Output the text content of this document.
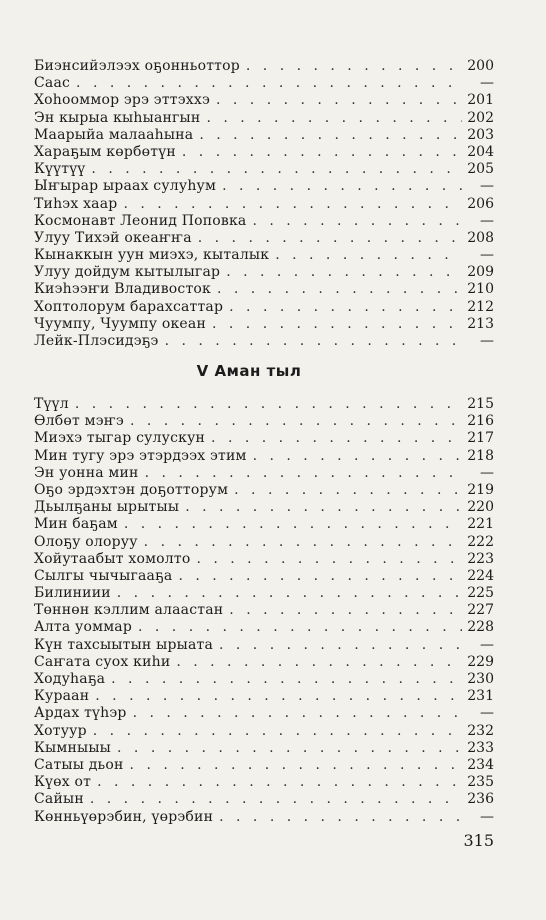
Биэнсийэлээх оҕонньоттор . . .	200
Саас . . .	—
Хоһооммор эрэ эттэххэ . . .	201
Эн кырыа кыһыангын . . .	202
Маарыйа малааһына . . .	203
Хараҕым көрбөтүн . . .	204
Күүтүү . . .	205
Ыҥырар ыраах сулуһум . . .	—
Тиһэх хаар . . .	206
Космонавт Леонид Поповка . . .	—
Улуу Тихэй океаҥҥа . . .	208
Кынаккын уун миэхэ, кыталык . . .	—
Улуу дойдум кытылыгар . . .	209
Киэһээҥи Владивосток . . .	210
Хоптолорум барахсаттар . . .	212
Чуумпу, Чуумпу океан . . .	213
Лейк-Плэсидэҕэ . . .	—
V Аман тыл
Түүл . . .	215
Өлбөт мэҥэ . . .	216
Миэхэ тыгар сулускун . . .	217
Мин тугу эрэ этэрдээх этим . . .	218
Эн уонна мин . . .	—
Оҕо эрдэхтэн доҕотторум . . .	219
Дьылҕаны ырытыы . . .	220
Мин баҕам . . .	221
Олоҕу олоруу . . .	222
Хойутаабыт хомолто . . .	223
Сылгы чычыгааҕа . . .	224
Билиниии . . .	225
Төннөн кэллим алаастан . . .	227
Алта уоммар . . .	228
Күн тахсыытын ырыата . . .	—
Саҥата суох киһи . . .	229
Ходуһаҕа . . .	230
Кураан . . .	231
Ардах түһэр . . .	—
Хотуур . . .	232
Кымныыы . . .	233
Сатыы дьон . . .	234
Күөх от . . .	235
Сайын . . .	236
Көнньүөрэбин, үөрэбин . . .	—
315
